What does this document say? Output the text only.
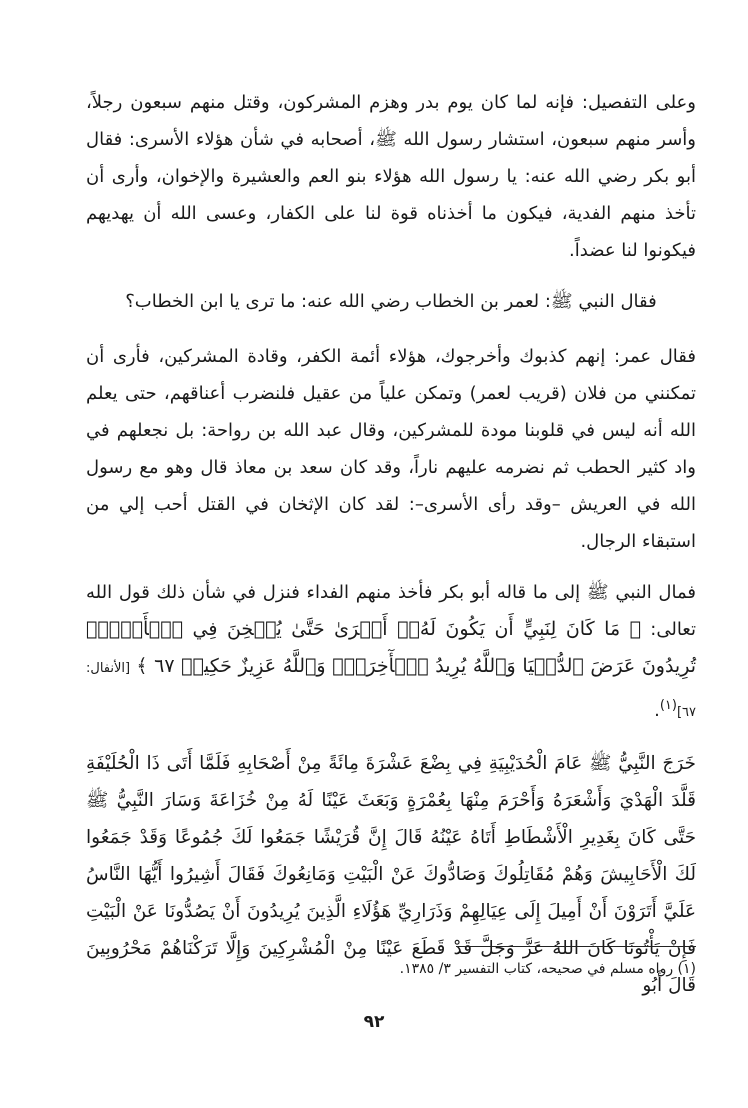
وعلى التفصيل: فإنه لما كان يوم بدر وهزم المشركون، وقتل منهم سبعون رجلاً، وأسر منهم سبعون، استشار رسول الله ﷺ، أصحابه في شأن هؤلاء الأسرى: فقال أبو بكر رضي الله عنه: يا رسول الله هؤلاء بنو العم والعشيرة والإخوان، وأرى أن تأخذ منهم الفدية، فيكون ما أخذناه قوة لنا على الكفار، وعسى الله أن يهديهم فيكونوا لنا عضداً.

فقال النبي ﷺ: لعمر بن الخطاب رضي الله عنه: ما ترى يا ابن الخطاب؟

فقال عمر: إنهم كذبوك وأخرجوك، هؤلاء أئمة الكفر، وقادة المشركين، فأرى أن تمكنني من فلان (قريب لعمر) وتمكن علياً من عقيل فلنضرب أعناقهم، حتى يعلم الله أنه ليس في قلوبنا مودة للمشركين، وقال عبد الله بن رواحة: بل نجعلهم في واد كثير الحطب ثم نضرمه عليهم ناراً، وقد كان سعد بن معاذ قال وهو مع رسول الله في العريش –وقد رأى الأسرى–: لقد كان الإثخان في القتل أحب إلي من استبقاء الرجال.

فمال النبي ﷺ إلى ما قاله أبو بكر فأخذ منهم الفداء فنزل في شأن ذلك قول الله تعالى: ﴿ مَا كَانَ لِنَبِيٍّ أَن يَكُونَ لَهُۥٓ أَسۡرَىٰ حَتَّىٰ يُثۡخِنَ فِي ٱلۡأَرۡضِۚ تُرِيدُونَ عَرَضَ ٱلدُّنۡيَا وَٱللَّهُ يُرِيدُ ٱلۡأٓخِرَةَۗ وَٱللَّهُ عَزِيزٌ حَكِيمٞ ٦٧ ﴾ [الأنفال: ٦٧]$^{(١)}$.

خَرَجَ النَّبِيُّ ﷺ عَامَ الْحُدَيْبِيَةِ فِي بِضْعَ عَشْرَةَ مِائَةً مِنْ أَصْحَابِهِ فَلَمَّا أَتَى ذَا الْحُلَيْفَةِ قَلَّدَ الْهَدْيَ وَأَشْعَرَهُ وَأَحْرَمَ مِنْهَا بِعُمْرَةٍ وَبَعَثَ عَيْنًا لَهُ مِنْ خُزَاعَةَ وَسَارَ النَّبِيُّ ﷺ حَتَّى كَانَ بِغَدِيرِ الْأَشْطَاطِ أَتَاهُ عَيْنُهُ قَالَ إِنَّ قُرَيْشًا جَمَعُوا لَكَ جُمُوعًا وَقَدْ جَمَعُوا لَكَ الْأَحَابِيشَ وَهُمْ مُقَاتِلُوكَ وَصَادُّوكَ عَنْ الْبَيْتِ وَمَانِعُوكَ فَقَالَ أَشِيرُوا أَيُّهَا النَّاسُ عَلَيَّ أَتَرَوْنَ أَنْ أَمِيلَ إِلَى عِيَالِهِمْ وَذَرَارِيِّ هَؤُلَاءِ الَّذِينَ يُرِيدُونَ أَنْ يَصُدُّونَا عَنْ الْبَيْتِ فَإِنْ يَأْتُونَا كَانَ اللهُ عَزَّ وَجَلَّ قَدْ قَطَعَ عَيْنًا مِنْ الْمُشْرِكِينَ وَإِلَّا تَرَكْنَاهُمْ مَحْرُوبِينَ قَالَ أَبُو

(١) رواه مسلم في صحيحه، كتاب التفسير ٣/ ١٣٨٥.
٩٢
